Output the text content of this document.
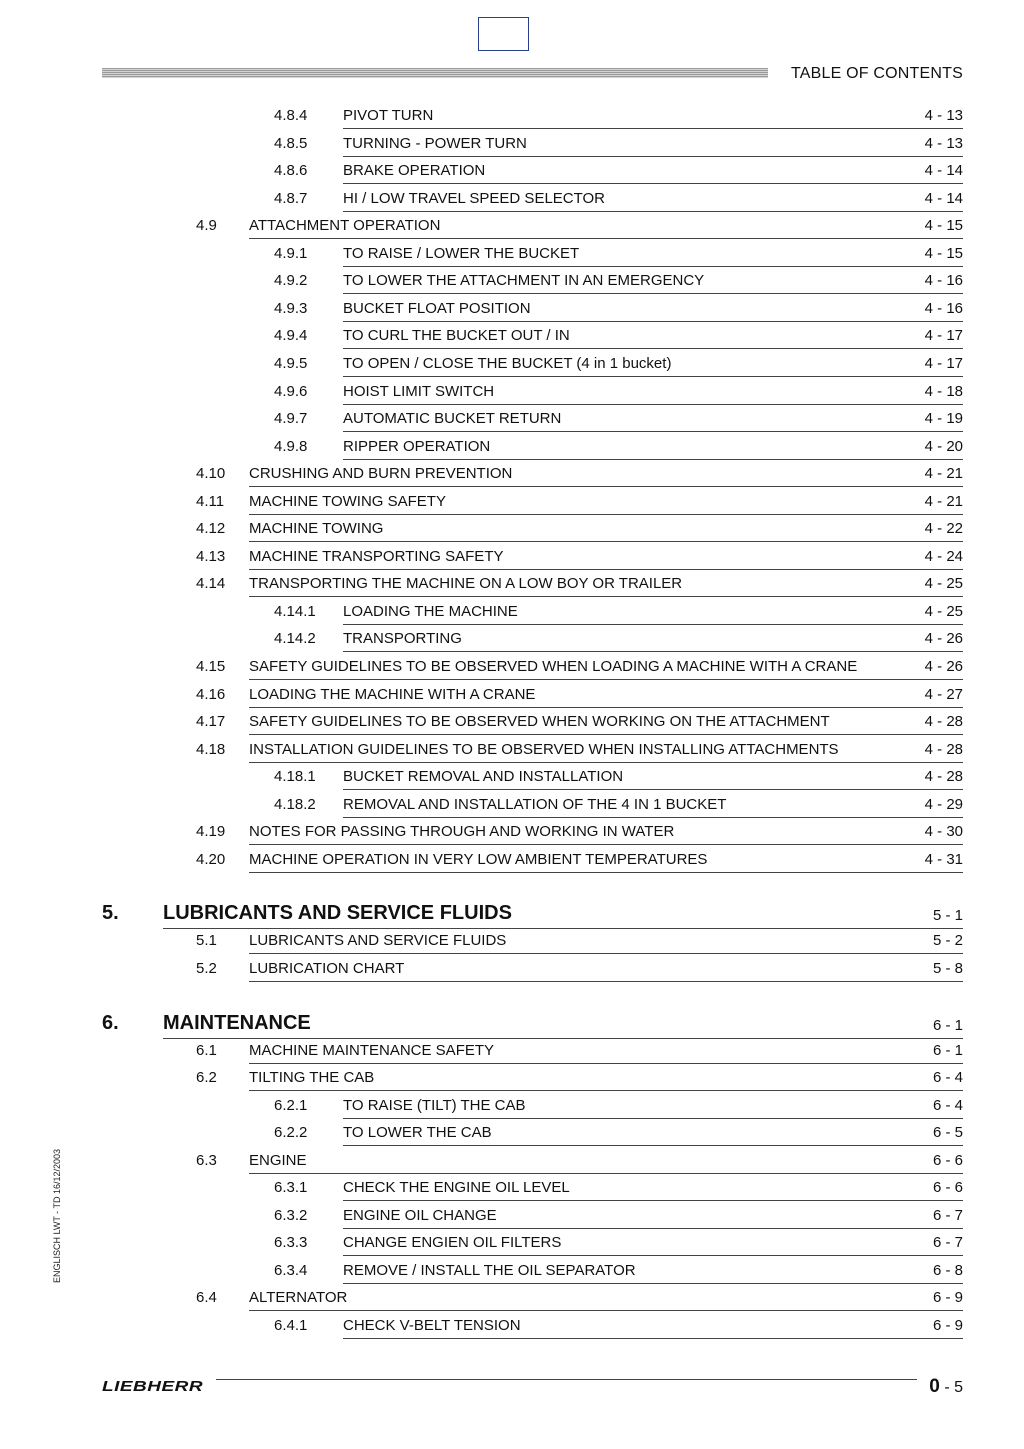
TABLE OF CONTENTS
4.8.4 PIVOT TURN	4 - 13
4.8.5 TURNING - POWER TURN	4 - 13
4.8.6 BRAKE OPERATION	4 - 14
4.8.7 HI / LOW TRAVEL SPEED SELECTOR	4 - 14
4.9 ATTACHMENT OPERATION	4 - 15
4.9.1 TO RAISE / LOWER THE BUCKET	4 - 15
4.9.2 TO LOWER THE ATTACHMENT IN AN EMERGENCY	4 - 16
4.9.3 BUCKET FLOAT POSITION	4 - 16
4.9.4 TO CURL THE BUCKET OUT / IN	4 - 17
4.9.5 TO OPEN / CLOSE THE BUCKET (4 in 1 bucket)	4 - 17
4.9.6 HOIST LIMIT SWITCH	4 - 18
4.9.7 AUTOMATIC BUCKET RETURN	4 - 19
4.9.8 RIPPER OPERATION	4 - 20
4.10 CRUSHING AND BURN PREVENTION	4 - 21
4.11 MACHINE TOWING SAFETY	4 - 21
4.12 MACHINE TOWING	4 - 22
4.13 MACHINE TRANSPORTING SAFETY	4 - 24
4.14 TRANSPORTING THE MACHINE ON A LOW BOY OR TRAILER	4 - 25
4.14.1 LOADING THE MACHINE	4 - 25
4.14.2 TRANSPORTING	4 - 26
4.15 SAFETY GUIDELINES TO BE OBSERVED WHEN LOADING A MACHINE WITH A CRANE	4 - 26
4.16 LOADING THE MACHINE WITH A CRANE	4 - 27
4.17 SAFETY GUIDELINES TO BE OBSERVED WHEN WORKING ON THE ATTACHMENT	4 - 28
4.18 INSTALLATION GUIDELINES TO BE OBSERVED WHEN INSTALLING ATTACHMENTS	4 - 28
4.18.1 BUCKET REMOVAL AND INSTALLATION	4 - 28
4.18.2 REMOVAL AND INSTALLATION OF THE 4 IN 1 BUCKET	4 - 29
4.19 NOTES FOR PASSING THROUGH AND WORKING IN WATER	4 - 30
4.20 MACHINE OPERATION IN VERY LOW AMBIENT TEMPERATURES	4 - 31
5. LUBRICANTS AND SERVICE FLUIDS	5 - 1
5.1 LUBRICANTS AND SERVICE FLUIDS	5 - 2
5.2 LUBRICATION CHART	5 - 8
6. MAINTENANCE	6 - 1
6.1 MACHINE MAINTENANCE SAFETY	6 - 1
6.2 TILTING THE CAB	6 - 4
6.2.1 TO RAISE (TILT) THE CAB	6 - 4
6.2.2 TO LOWER THE CAB	6 - 5
6.3 ENGINE	6 - 6
6.3.1 CHECK THE ENGINE OIL LEVEL	6 - 6
6.3.2 ENGINE OIL CHANGE	6 - 7
6.3.3 CHANGE ENGIEN OIL FILTERS	6 - 7
6.3.4 REMOVE / INSTALL THE OIL SEPARATOR	6 - 8
6.4 ALTERNATOR	6 - 9
6.4.1 CHECK V-BELT TENSION	6 - 9
ENGLISCH LWT - TD 16/12/2003
LIEBHERR	0 - 5
